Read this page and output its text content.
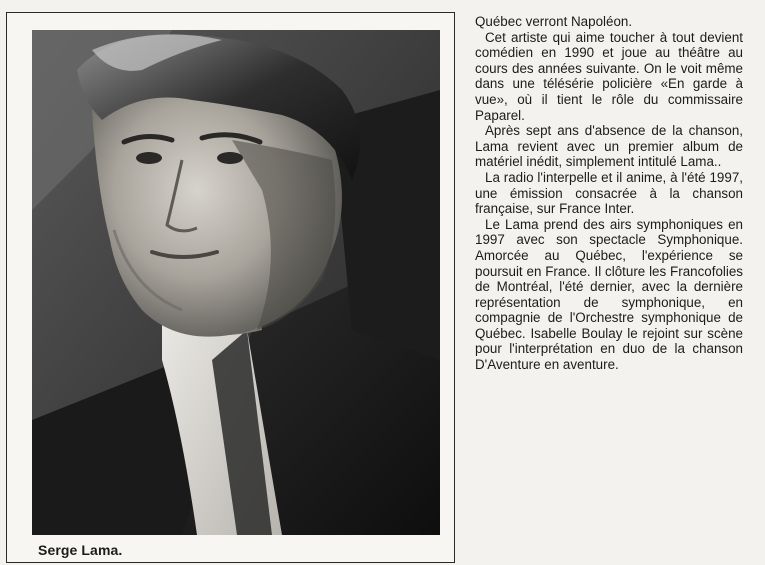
Serge Lama.

Québec verront Napoléon.

Cet artiste qui aime toucher à tout devient comédien en 1990 et joue au théâtre au cours des années suivante. On le voit même dans une télésérie policière «En garde à vue», où il tient le rôle du commissaire Paparel.

Après sept ans d'absence de la chanson, Lama revient avec un premier album de matériel inédit, simplement intitulé Lama..

La radio l'interpelle et il anime, à l'été 1997, une émission consacrée à la chanson française, sur France Inter.

Le Lama prend des airs symphoniques en 1997 avec son spectacle Symphonique. Amorcée au Québec, l'expérience se poursuit en France. Il clôture les Francofolies de Montréal, l'été dernier, avec la dernière représentation de symphonique, en compagnie de l'Orchestre symphonique de Québec. Isabelle Boulay le rejoint sur scène pour l'interprétation en duo de la chanson D'Aventure en aventure.
